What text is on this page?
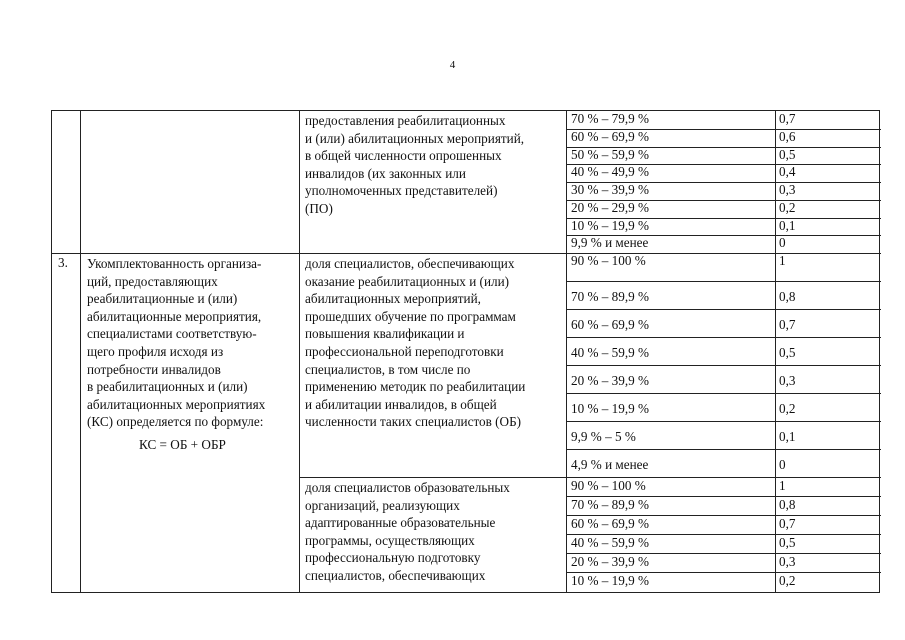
4
предоставления реабилитационных
и (или) абилитационных мероприятий,
в общей численности опрошенных
инвалидов (их законных или
уполномоченных представителей)
(ПО)
70 % – 79,9 %	0,7
60 % – 69,9 %	0,6
50 % – 59,9 %	0,5
40 % – 49,9 %	0,4
30 % – 39,9 %	0,3
20 % – 29,9 %	0,2
10 % – 19,9 %	0,1
9,9 % и менее	0
3. Укомплектованность организа-
ций, предоставляющих
реабилитационные и (или)
абилитационные мероприятия,
специалистами соответствую-
щего профиля исходя из
потребности инвалидов
в реабилитационных и (или)
абилитационных мероприятиях
(КС) определяется по формуле:
КС = ОБ + ОБР
доля специалистов, обеспечивающих
оказание реабилитационных и (или)
абилитационных мероприятий,
прошедших обучение по программам
повышения квалификации и
профессиональной переподготовки
специалистов, в том числе по
применению методик по реабилитации
и абилитации инвалидов, в общей
численности таких специалистов (ОБ)
90 % – 100 %	1
70 % – 89,9 %	0,8
60 % – 69,9 %	0,7
40 % – 59,9 %	0,5
20 % – 39,9 %	0,3
10 % – 19,9 %	0,2
9,9 % – 5 %	0,1
4,9 % и менее	0
доля специалистов образовательных
организаций, реализующих
адаптированные образовательные
программы, осуществляющих
профессиональную подготовку
специалистов, обеспечивающих
90 % – 100 %	1
70 % – 89,9 %	0,8
60 % – 69,9 %	0,7
40 % – 59,9 %	0,5
20 % – 39,9 %	0,3
10 % – 19,9 %	0,2
